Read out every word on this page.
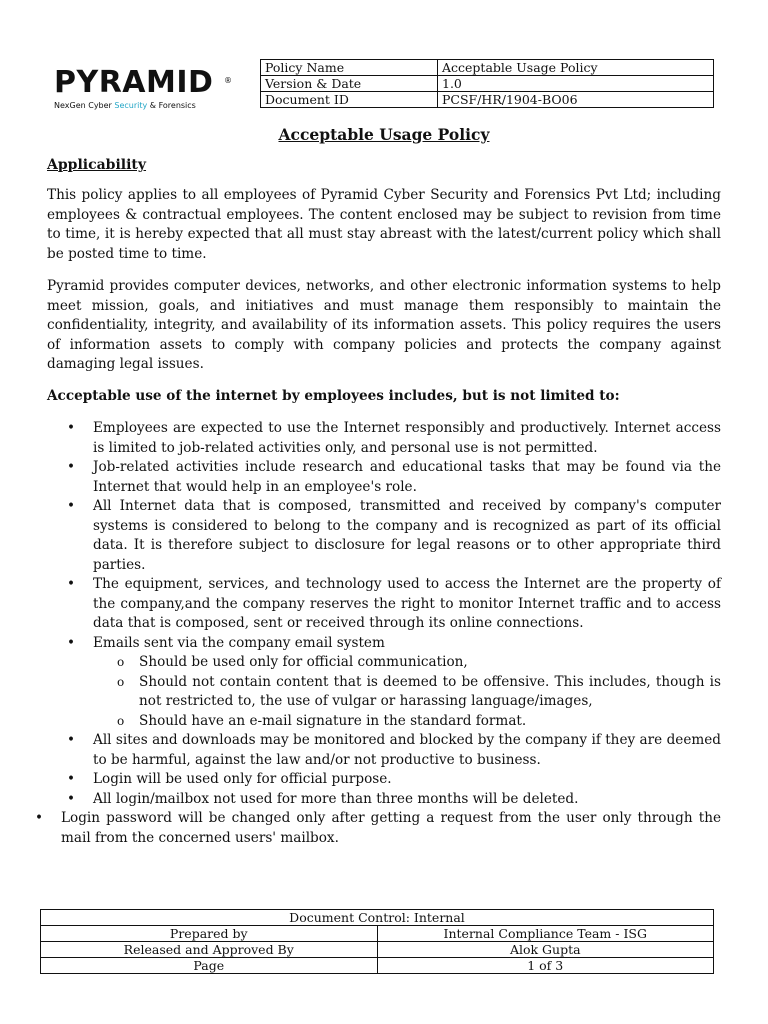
PYRAMID ®
NexGen Cyber Security & Forensics
Policy Name	Acceptable Usage Policy
Version & Date	1.0
Document ID	PCSF/HR/1904-BO06
Acceptable Usage Policy
Applicability

This policy applies to all employees of Pyramid Cyber Security and Forensics Pvt Ltd; including employees & contractual employees. The content enclosed may be subject to revision from time to time, it is hereby expected that all must stay abreast with the latest/current policy which shall be posted time to time.

Pyramid provides computer devices, networks, and other electronic information systems to help meet mission, goals, and initiatives and must manage them responsibly to maintain the confidentiality, integrity, and availability of its information assets. This policy requires the users of information assets to comply with company policies and protects the company against damaging legal issues.

Acceptable use of the internet by employees includes, but is not limited to:
• Employees are expected to use the Internet responsibly and productively. Internet access is limited to job-related activities only, and personal use is not permitted.
• Job-related activities include research and educational tasks that may be found via the Internet that would help in an employee's role.
• All Internet data that is composed, transmitted and received by company's computer systems is considered to belong to the company and is recognized as part of its official data. It is therefore subject to disclosure for legal reasons or to other appropriate third parties.
• The equipment, services, and technology used to access the Internet are the property of the company,and the company reserves the right to monitor Internet traffic and to access data that is composed, sent or received through its online connections.
• Emails sent via the company email system
o Should be used only for official communication,
o Should not contain content that is deemed to be offensive. This includes, though is not restricted to, the use of vulgar or harassing language/images,
o Should have an e-mail signature in the standard format.
• All sites and downloads may be monitored and blocked by the company if they are deemed to be harmful, against the law and/or not productive to business.
• Login will be used only for official purpose.
• All login/mailbox not used for more than three months will be deleted.
• Login password will be changed only after getting a request from the user only through the mail from the concerned users' mailbox.
Document Control: Internal	
Prepared by	Internal Compliance Team - ISG
Released and Approved By	Alok Gupta
Page	1 of 3
